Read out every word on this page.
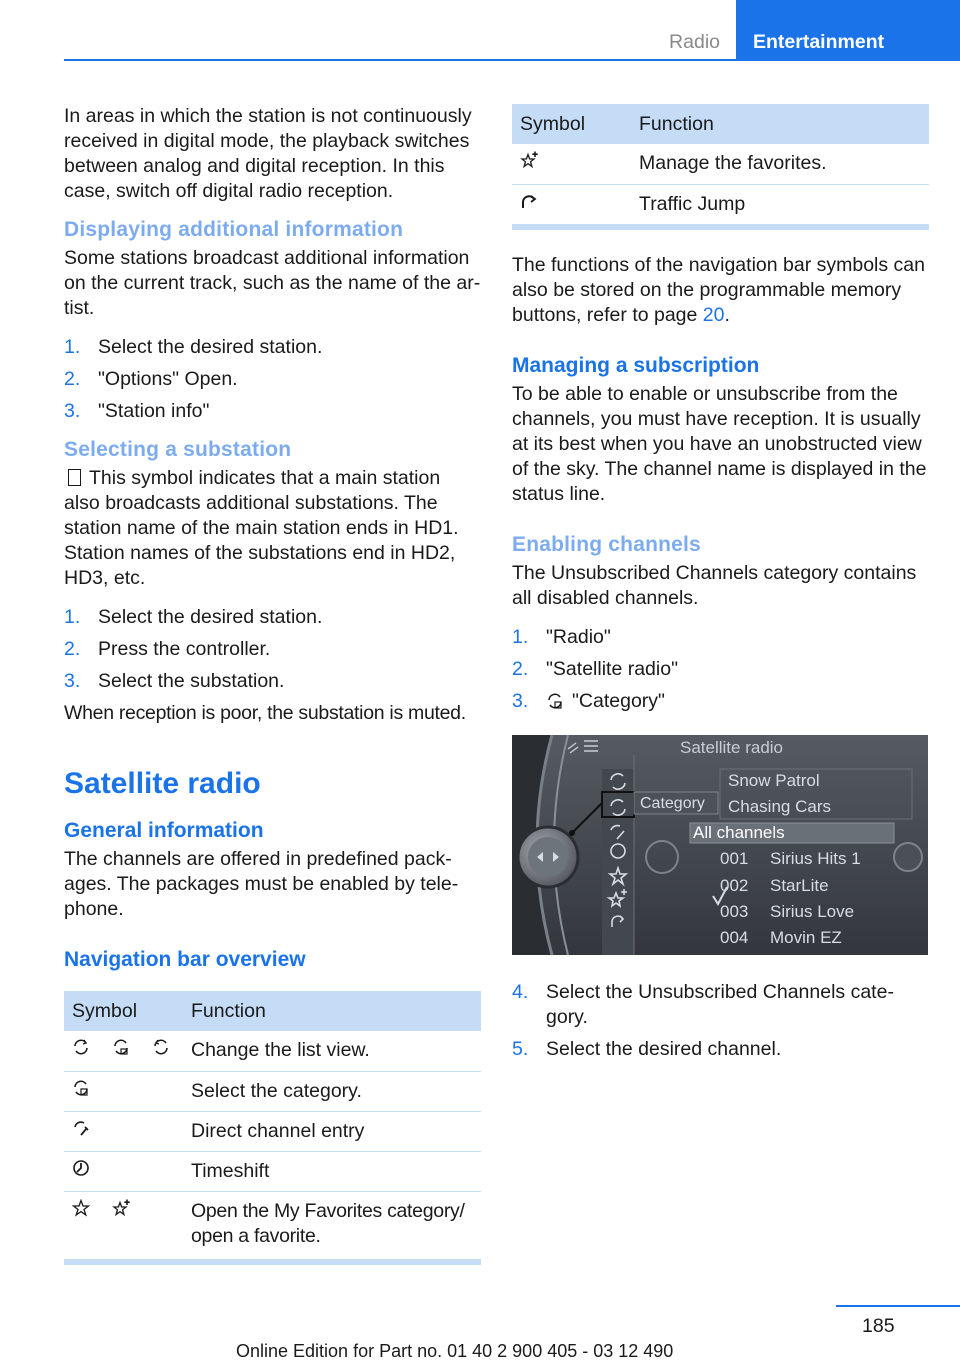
Radio	Entertainment

In areas in which the station is not continuously received in digital mode, the playback switches between analog and digital reception. In this case, switch off digital radio reception.

Displaying additional information

Some stations broadcast additional information on the current track, such as the name of the artist.

1. Select the desired station.
2. "Options" Open.
3. "Station info"

Selecting a substation

This symbol indicates that a main station also broadcasts additional substations. The station name of the main station ends in HD1. Station names of the substations end in HD2, HD3, etc.

1. Select the desired station.
2. Press the controller.
3. Select the substation.

When reception is poor, the substation is muted.

Satellite radio

General information

The channels are offered in predefined packages. The packages must be enabled by telephone.

Navigation bar overview

Symbol	Function

	Change the list view.
	Select the category.
	Direct channel entry
	Timeshift

	Open the My Favorites category/ open a favorite.
Symbol	Function
	Manage the favorites.
	Traffic Jump

The functions of the navigation bar symbols can also be stored on the programmable memory buttons, refer to page 20.

Managing a subscription

To be able to enable or unsubscribe from the channels, you must have reception. It is usually at its best when you have an unobstructed view of the sky. The channel name is displayed in the status line.

Enabling channels

The Unsubscribed Channels category contains all disabled channels.

1. "Radio"
2. "Satellite radio"
3. "Category"
4. Select the Unsubscribed Channels category.
5. Select the desired channel.
Satellite radio
Category
Snow Patrol
Chasing Cars
All channels
001 Sirius Hits 1
002 StarLite
003 Sirius Love
004 Movin EZ
185
Online Edition for Part no. 01 40 2 900 405 - 03 12 490
